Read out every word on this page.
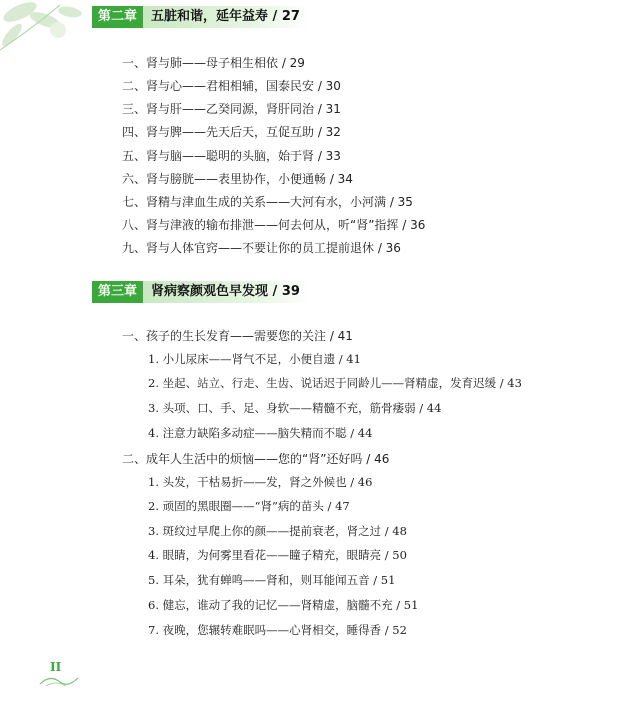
第二章	五脏和谐，延年益寿 / 27
一、肾与肺——母子相生相依 / 29
二、肾与心——君相相辅，国泰民安 / 30
三、肾与肝——乙癸同源，肾肝同治 / 31
四、肾与脾——先天后天，互促互助 / 32
五、肾与脑——聪明的头脑，始于肾 / 33
六、肾与膀胱——表里协作，小便通畅 / 34
七、肾精与津血生成的关系——大河有水，小河满 / 35
八、肾与津液的输布排泄——何去何从，听“肾”指挥 / 36
九、肾与人体官窍——不要让你的员工提前退休 / 36
第三章	肾病察颜观色早发现 / 39
一、孩子的生长发育——需要您的关注 / 41
1. 小儿尿床——肾气不足，小便自遗 / 41
2. 坐起、站立、行走、生齿、说话迟于同龄儿——肾精虚，发育迟缓 / 43
3. 头项、口、手、足、身软——精髓不充，筋骨痿弱 / 44
4. 注意力缺陷多动症——脑失精而不聪 / 44
二、成年人生活中的烦恼——您的“肾”还好吗 / 46
1. 头发，干枯易折——发，肾之外候也 / 46
2. 顽固的黑眼圈——“肾”病的苗头 / 47
3. 斑纹过早爬上你的颜——提前衰老，肾之过 / 48
4. 眼睛，为何雾里看花——瞳子精充，眼睛亮 / 50
5. 耳朵，犹有蝉鸣——肾和，则耳能闻五音 / 51
6. 健忘，谁动了我的记忆——肾精虚，脑髓不充 / 51
7. 夜晚，您辗转难眠吗——心肾相交，睡得香 / 52
II
